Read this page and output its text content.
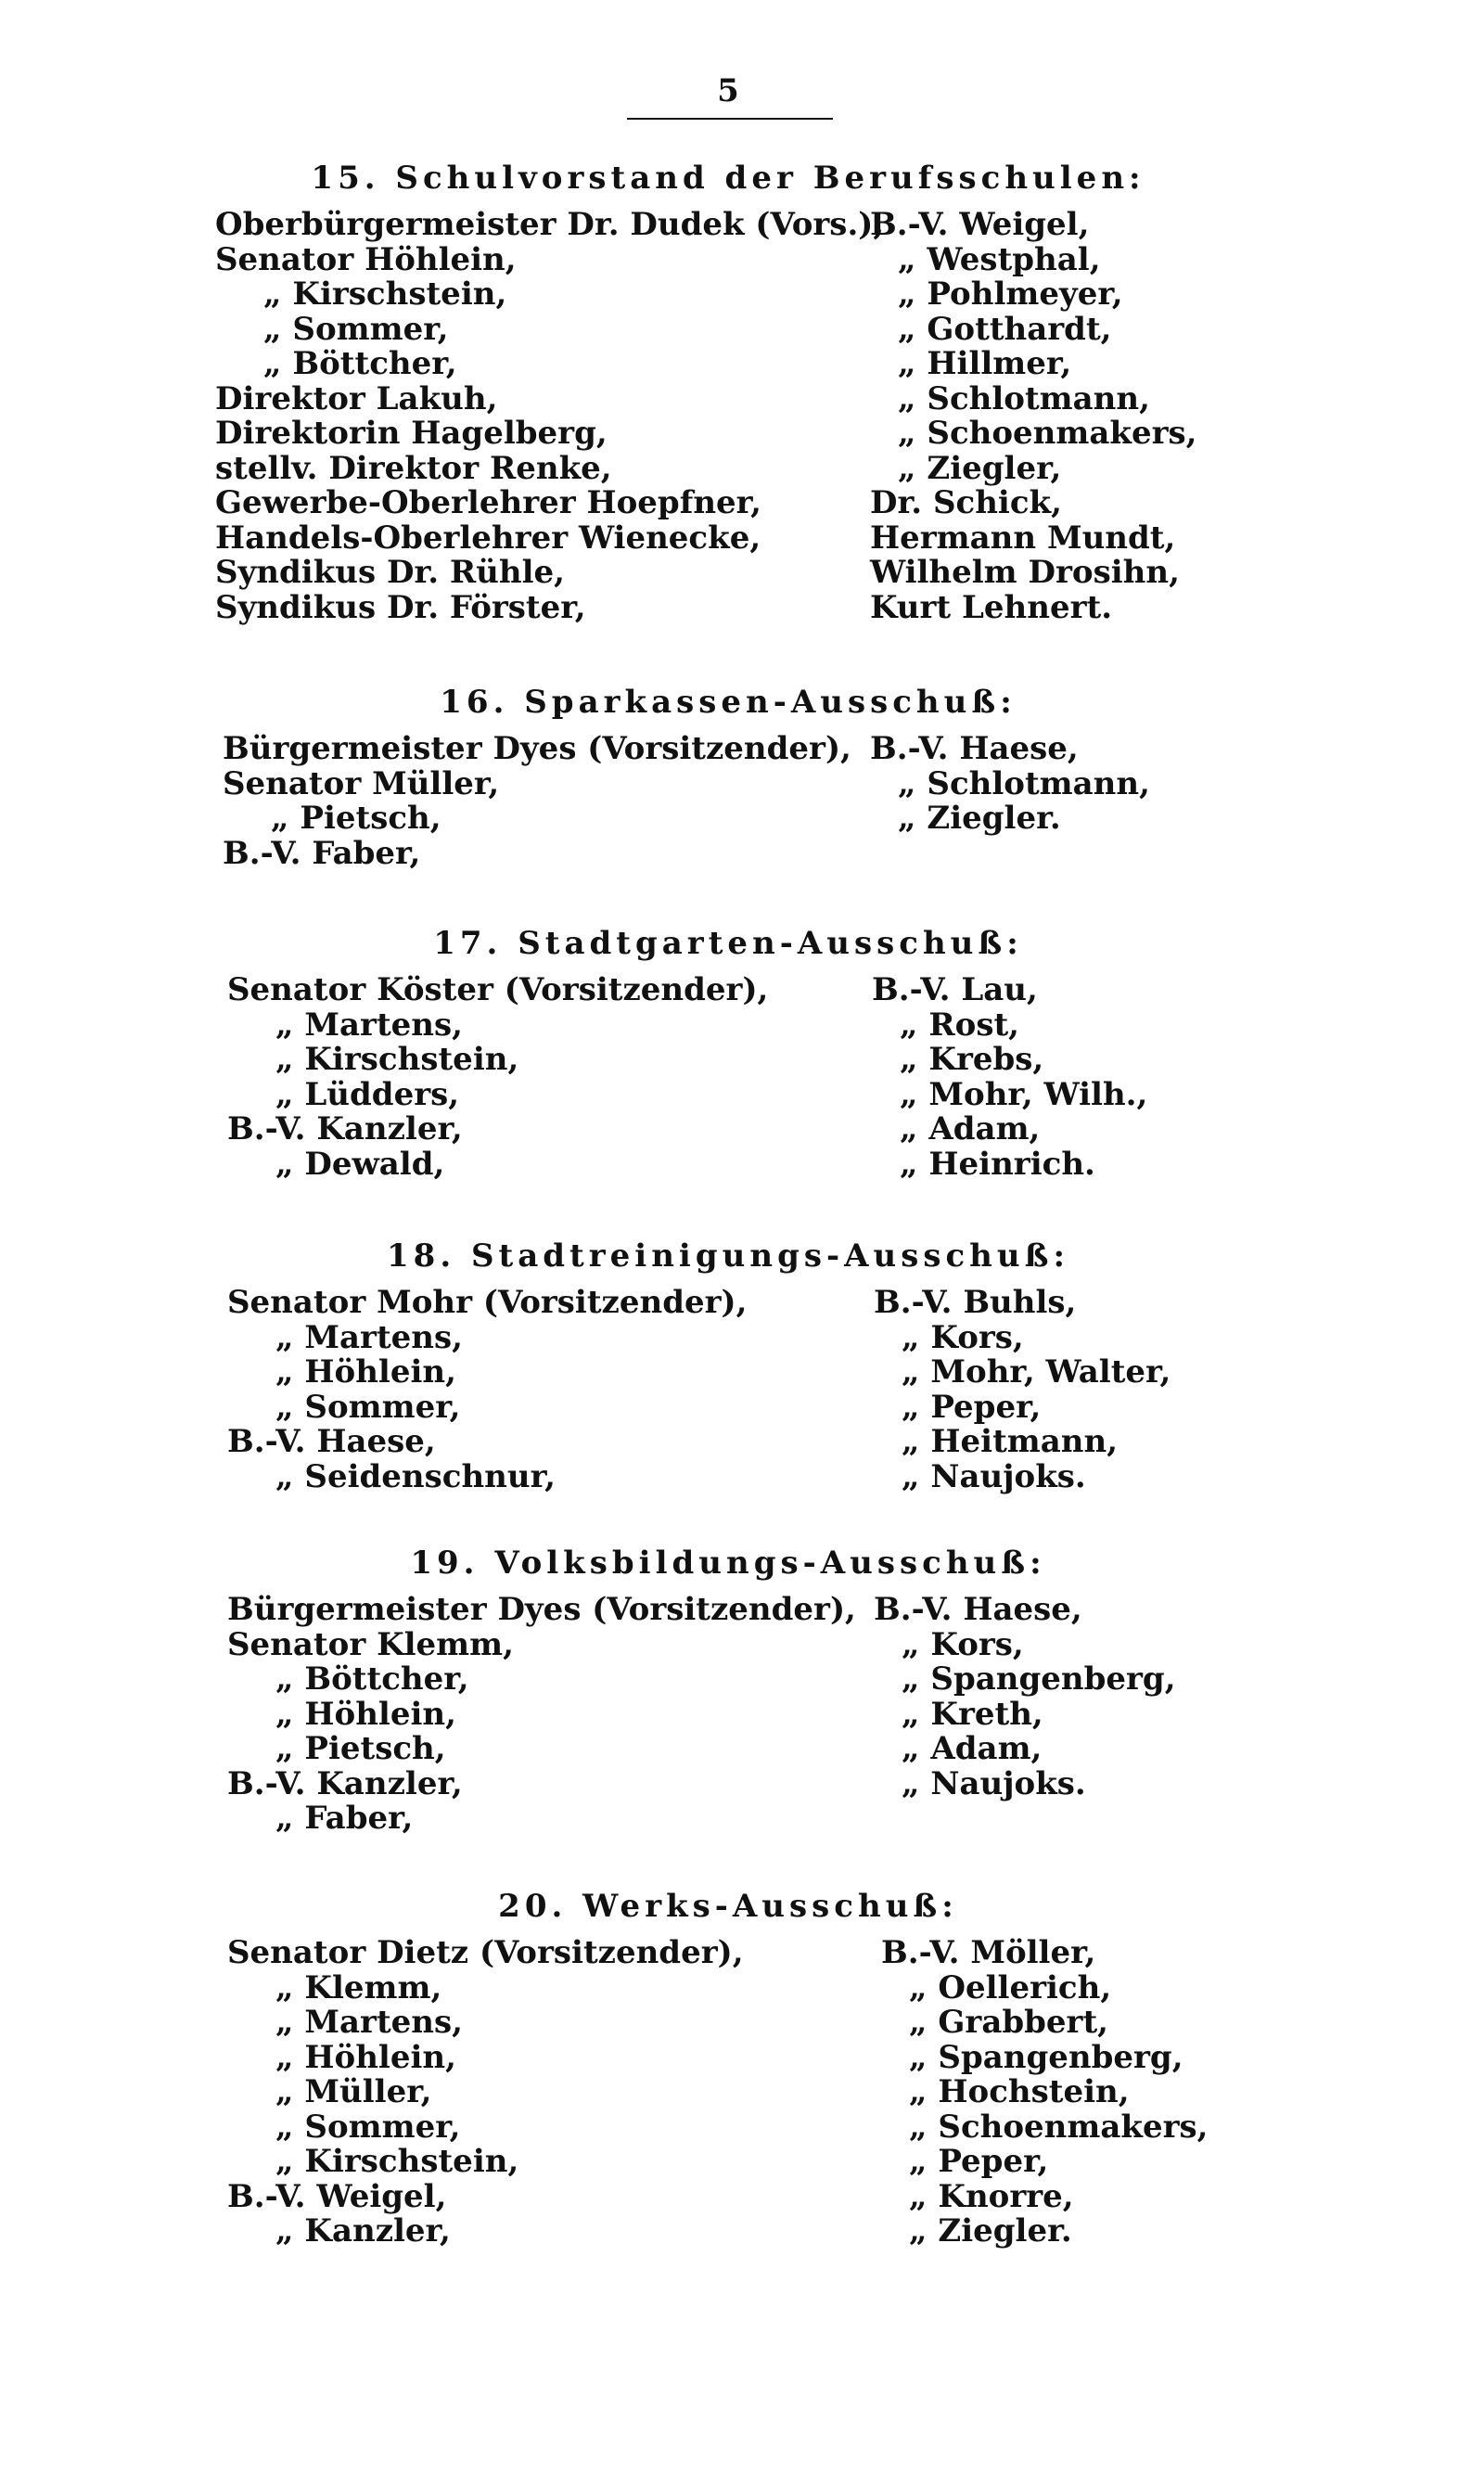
5
15. Schulvorstand der Berufsschulen:
Oberbürgermeister Dr. Dudek (Vors.),
Senator Höhlein,
„ Kirschstein,
„ Sommer,
„ Böttcher,
Direktor Lakuh,
Direktorin Hagelberg,
stellv. Direktor Renke,
Gewerbe-Oberlehrer Hoepfner,
Handels-Oberlehrer Wienecke,
Syndikus Dr. Rühle,
Syndikus Dr. Förster,
B.-V. Weigel,
„ Westphal,
„ Pohlmeyer,
„ Gotthardt,
„ Hillmer,
„ Schlotmann,
„ Schoenmakers,
„ Ziegler,
Dr. Schick,
Hermann Mundt,
Wilhelm Drosihn,
Kurt Lehnert.
16. Sparkassen-Ausschuß:
Bürgermeister Dyes (Vorsitzender),
Senator Müller,
„ Pietsch,
B.-V. Faber,
B.-V. Haese,
„ Schlotmann,
„ Ziegler.
17. Stadtgarten-Ausschuß:
Senator Köster (Vorsitzender),
„ Martens,
„ Kirschstein,
„ Lüdders,
B.-V. Kanzler,
„ Dewald,
B.-V. Lau,
„ Rost,
„ Krebs,
„ Mohr, Wilh.,
„ Adam,
„ Heinrich.
18. Stadtreinigungs-Ausschuß:
Senator Mohr (Vorsitzender),
„ Martens,
„ Höhlein,
„ Sommer,
B.-V. Haese,
„ Seidenschnur,
B.-V. Buhls,
„ Kors,
„ Mohr, Walter,
„ Peper,
„ Heitmann,
„ Naujoks.
19. Volksbildungs-Ausschuß:
Bürgermeister Dyes (Vorsitzender),
Senator Klemm,
„ Böttcher,
„ Höhlein,
„ Pietsch,
B.-V. Kanzler,
„ Faber,
B.-V. Haese,
„ Kors,
„ Spangenberg,
„ Kreth,
„ Adam,
„ Naujoks.
20. Werks-Ausschuß:
Senator Dietz (Vorsitzender),
„ Klemm,
„ Martens,
„ Höhlein,
„ Müller,
„ Sommer,
„ Kirschstein,
B.-V. Weigel,
„ Kanzler,
B.-V. Möller,
„ Oellerich,
„ Grabbert,
„ Spangenberg,
„ Hochstein,
„ Schoenmakers,
„ Peper,
„ Knorre,
„ Ziegler.
